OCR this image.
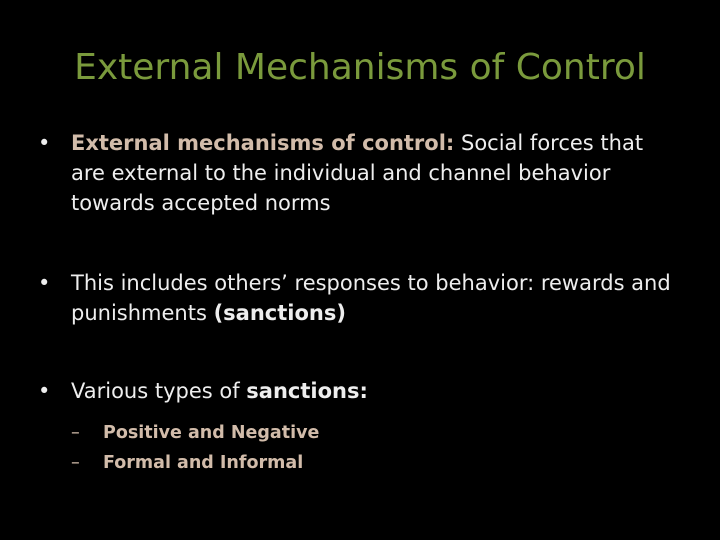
External Mechanisms of Control
• External mechanisms of control: Social forces that are external to the individual and channel behavior towards accepted norms
• This includes others’ responses to behavior: rewards and punishments (sanctions)
• Various types of sanctions:
– Positive and Negative
– Formal and Informal
